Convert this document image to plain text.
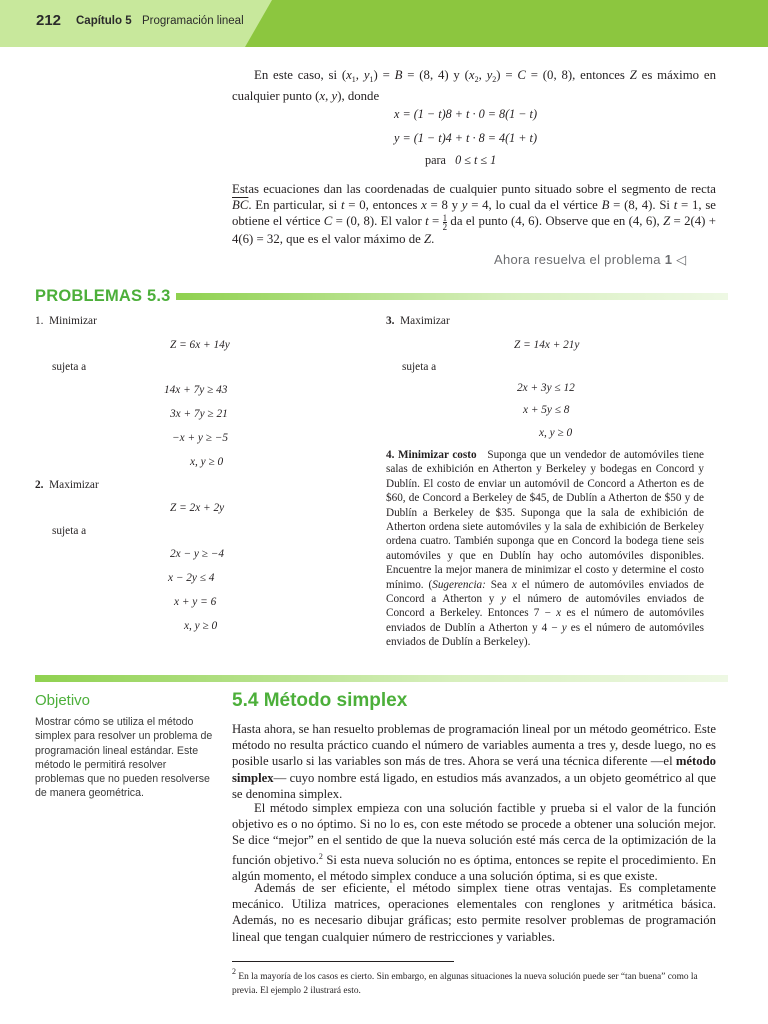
212 Capítulo 5 Programación lineal
En este caso, si ($x_1$, $y_1) = B = (8$, 4) y ($x_2$, $y_2) = C = (0$, 8), entonces Z es máximo en cualquier punto (x, y), donde
x = (1 − t)8 + t · 0 = 8(1 − t)
y = (1 − t)4 + t · 8 = 4(1 + t)
para 0 ≤ t ≤ 1
Estas ecuaciones dan las coordenadas de cualquier punto situado sobre el segmento de recta $\overline{BC}$. En particular, si t = 0, entonces x = 8 y y = 4, lo cual da el vértice B = (8, 4). Si t = 1, se obtiene el vértice C = (0, 8). El valor $t = \frac{1}{2}$ da el punto (4, 6). Observe que en (4, 6), Z = 2(4) + 4(6) = 32, que es el valor máximo de Z.
Ahora resuelva el problema 1 ◁
PROBLEMAS 5.3
1. Minimizar
Z = 6x + 14y
sujeta a
14x + 7y ≥ 43
3x + 7y ≥ 21
−x + y ≥ −5
x, y ≥ 0
2. Maximizar
Z = 2x + 2y
sujeta a
2x − y ≥ −4
x − 2y ≤ 4
x + y = 6
x, y ≥ 0
3. Maximizar
Z = 14x + 21y
sujeta a
2x + 3y ≤ 12
x + 5y ≤ 8
x, y ≥ 0
4. Minimizar costo Suponga que un vendedor de automóviles tiene salas de exhibición en Atherton y Berkeley y bodegas en Concord y Dublín. El costo de enviar un automóvil de Concord a Atherton es de $60, de Concord a Berkeley de $45, de Dublín a Atherton de $50 y de Dublín a Berkeley de $35. Suponga que la sala de exhibición de Atherton ordena siete automóviles y la sala de exhibición de Berkeley ordena cuatro. También suponga que en Concord la bodega tiene seis automóviles y que en Dublín hay ocho automóviles disponibles. Encuentre la mejor manera de minimizar el costo y determine el costo mínimo. (Sugerencia: Sea x el número de automóviles enviados de Concord a Atherton y y el número de automóviles enviados de Concord a Berkeley. Entonces 7 − x es el número de automóviles enviados de Dublín a Atherton y 4 − y es el número de automóviles enviados de Dublín a Berkeley).
Objetivo
Mostrar cómo se utiliza el método simplex para resolver un problema de programación lineal estándar. Este método le permitirá resolver problemas que no pueden resolverse de manera geométrica.
5.4 Método simplex
Hasta ahora, se han resuelto problemas de programación lineal por un método geométrico. Este método no resulta práctico cuando el número de variables aumenta a tres y, desde luego, no es posible usarlo si las variables son más de tres. Ahora se verá una técnica diferente —el método simplex— cuyo nombre está ligado, en estudios más avanzados, a un objeto geométrico al que se denomina simplex.
El método simplex empieza con una solución factible y prueba si el valor de la función objetivo es o no óptimo. Si no lo es, con este método se procede a obtener una solución mejor. Se dice “mejor” en el sentido de que la nueva solución esté más cerca de la optimización de la función objetivo.$^2$ Si esta nueva solución no es óptima, entonces se repite el procedimiento. En algún momento, el método simplex conduce a una solución óptima, si es que existe.
Además de ser eficiente, el método simplex tiene otras ventajas. Es completamente mecánico. Utiliza matrices, operaciones elementales con renglones y aritmética básica. Además, no es necesario dibujar gráficas; esto permite resolver problemas de programación lineal que tengan cualquier número de restricciones y variables.
$^2$ En la mayoría de los casos es cierto. Sin embargo, en algunas situaciones la nueva solución puede ser “tan buena” como la previa. El ejemplo 2 ilustrará esto.
